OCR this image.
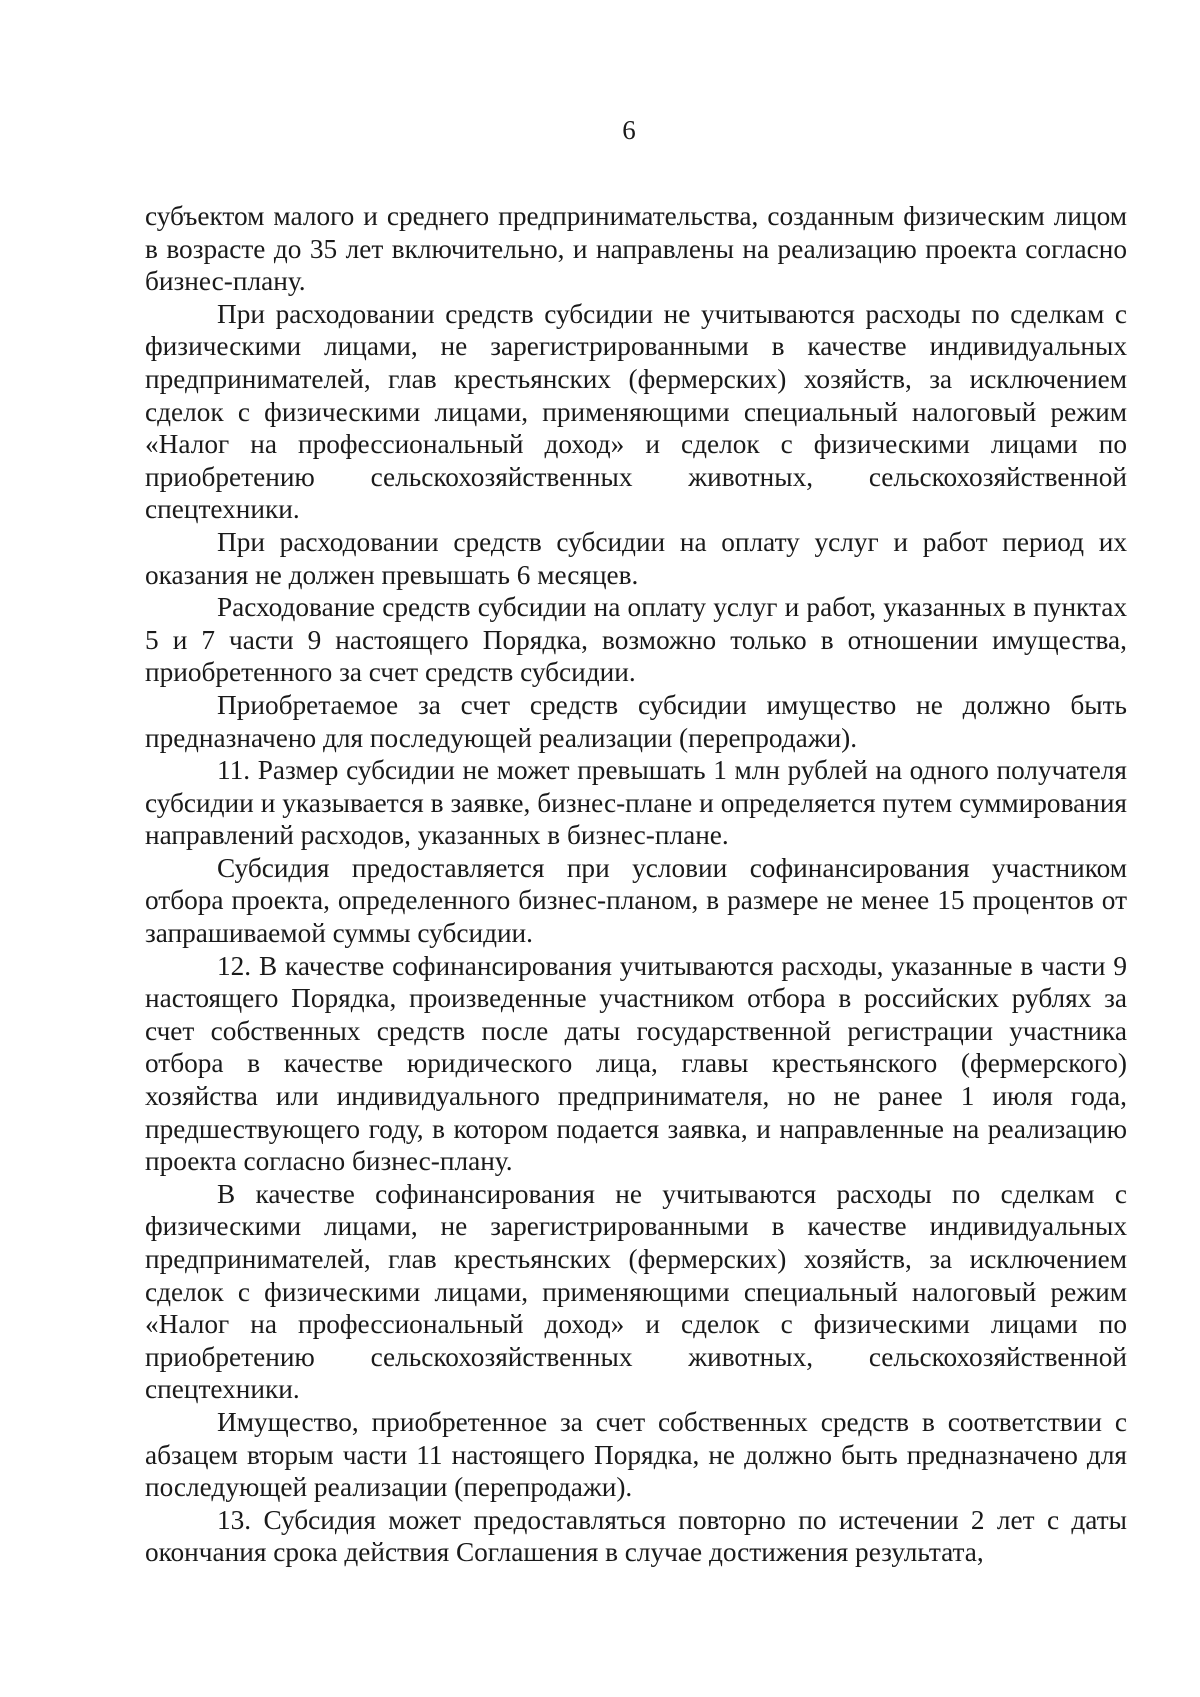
6

субъектом малого и среднего предпринимательства, созданным физическим лицом в возрасте до 35 лет включительно, и направлены на реализацию проекта согласно бизнес-плану.

При расходовании средств субсидии не учитываются расходы по сделкам с физическими лицами, не зарегистрированными в качестве индивидуальных предпринимателей, глав крестьянских (фермерских) хозяйств, за исключением сделок с физическими лицами, применяющими специальный налоговый режим «Налог на профессиональный доход» и сделок с физическими лицами по приобретению сельскохозяйственных животных, сельскохозяйственной спецтехники.

При расходовании средств субсидии на оплату услуг и работ период их оказания не должен превышать 6 месяцев.

Расходование средств субсидии на оплату услуг и работ, указанных в пунктах 5 и 7 части 9 настоящего Порядка, возможно только в отношении имущества, приобретенного за счет средств субсидии.

Приобретаемое за счет средств субсидии имущество не должно быть предназначено для последующей реализации (перепродажи).

11. Размер субсидии не может превышать 1 млн рублей на одного получателя субсидии и указывается в заявке, бизнес-плане и определяется путем суммирования направлений расходов, указанных в бизнес-плане.

Субсидия предоставляется при условии софинансирования участником отбора проекта, определенного бизнес-планом, в размере не менее 15 процентов от запрашиваемой суммы субсидии.

12. В качестве софинансирования учитываются расходы, указанные в части 9 настоящего Порядка, произведенные участником отбора в российских рублях за счет собственных средств после даты государственной регистрации участника отбора в качестве юридического лица, главы крестьянского (фермерского) хозяйства или индивидуального предпринимателя, но не ранее 1 июля года, предшествующего году, в котором подается заявка, и направленные на реализацию проекта согласно бизнес-плану.

В качестве софинансирования не учитываются расходы по сделкам с физическими лицами, не зарегистрированными в качестве индивидуальных предпринимателей, глав крестьянских (фермерских) хозяйств, за исключением сделок с физическими лицами, применяющими специальный налоговый режим «Налог на профессиональный доход» и сделок с физическими лицами по приобретению сельскохозяйственных животных, сельскохозяйственной спецтехники.

Имущество, приобретенное за счет собственных средств в соответствии с абзацем вторым части 11 настоящего Порядка, не должно быть предназначено для последующей реализации (перепродажи).

13. Субсидия может предоставляться повторно по истечении 2 лет с даты окончания срока действия Соглашения в случае достижения результата,
